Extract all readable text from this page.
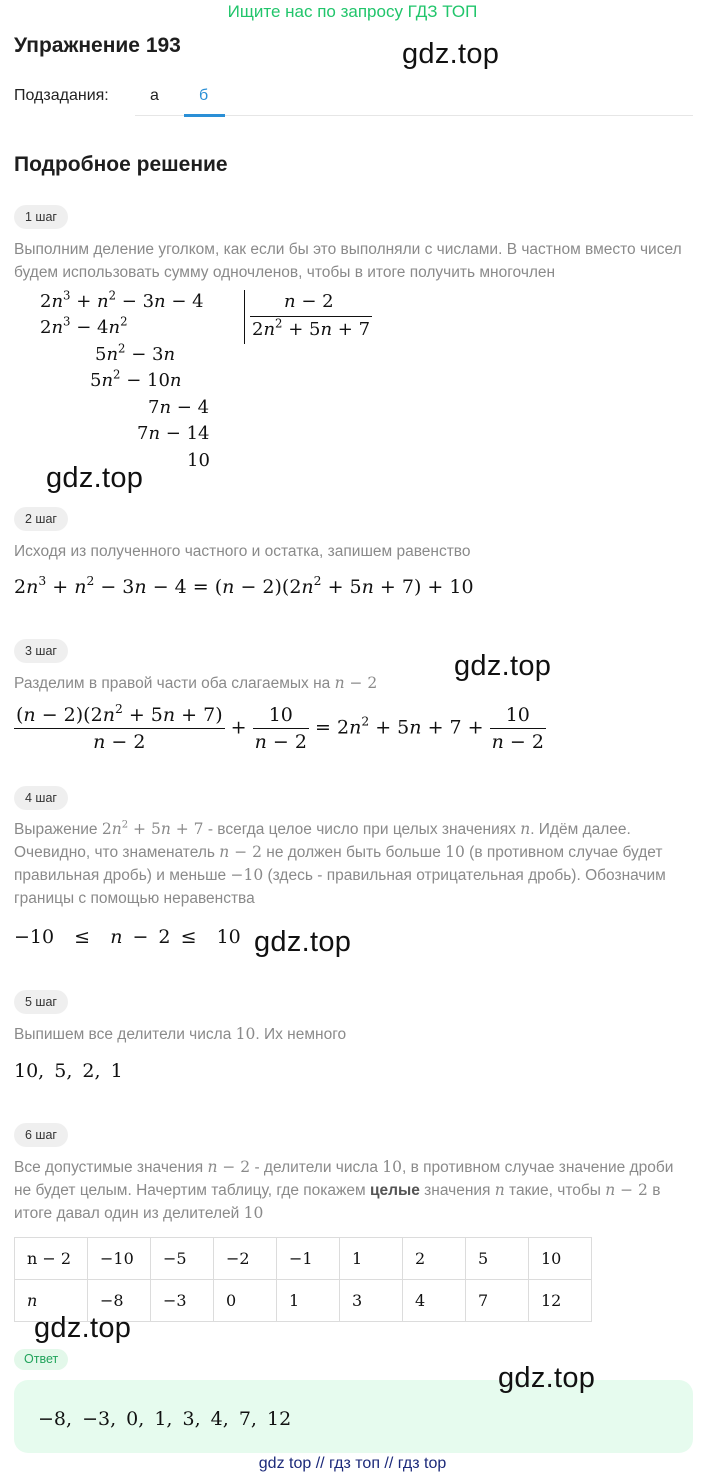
Ищите нас по запросу ГДЗ ТОП
Упражнение 193	gdz.top
Подзадания:	а	б
Подробное решение
1 шаг
Выполним деление уголком, как если бы это выполняли с числами. В частном вместо чисел будем использовать сумму одночленов, чтобы в итоге получить многочлен
$2n^3 + n^2 - 3n - 4$
$2n^3 - 4n^2$
$5n^2 - 3n$
$5n^2 - 10n$
7n − 4
7n − 14
10
n − 2
$2n^2 + 5n + 7$
gdz.top
2 шаг
Исходя из полученного частного и остатка, запишем равенство
$2n^3 + n^2 - 3n - 4 = (n - 2)(2n^2 + 5n + 7) + 10$
3 шаг	gdz.top
Разделим в правой части оба слагаемых на n − 2
$\frac{(n - 2)(2n^2 + 5n + 7)}{n - 2} + \frac{10}{n - 2} = 2n^2 + 5n + 7 + \frac{10}{n - 2}$
4 шаг
Выражение $2n^2 + 5n + 7$ - всегда целое число при целых значениях n. Идём далее. Очевидно, что знаменатель n − 2 не должен быть больше 10 (в противном случае будет правильная дробь) и меньше −10 (здесь - правильная отрицательная дробь). Обозначим границы с помощью неравенства
−10  ≤  n − 2 ≤  10 gdz.top
5 шаг
Выпишем все делители числа 10. Их немного
10, 5, 2, 1
6 шаг
Все допустимые значения n − 2 - делители числа 10, в противном случае значение дроби не будет целым. Начертим таблицу, где покажем целые значения n такие, чтобы n − 2 в итоге давал один из делителей 10
n − 2	−10	−5	−2	−1	1	2	5	10
n	−8	−3	0	1	3	4	7	12
gdz.top
Ответ
gdz.top
−8, −3, 0, 1, 3, 4, 7, 12
gdz top // гдз топ // гдз top
